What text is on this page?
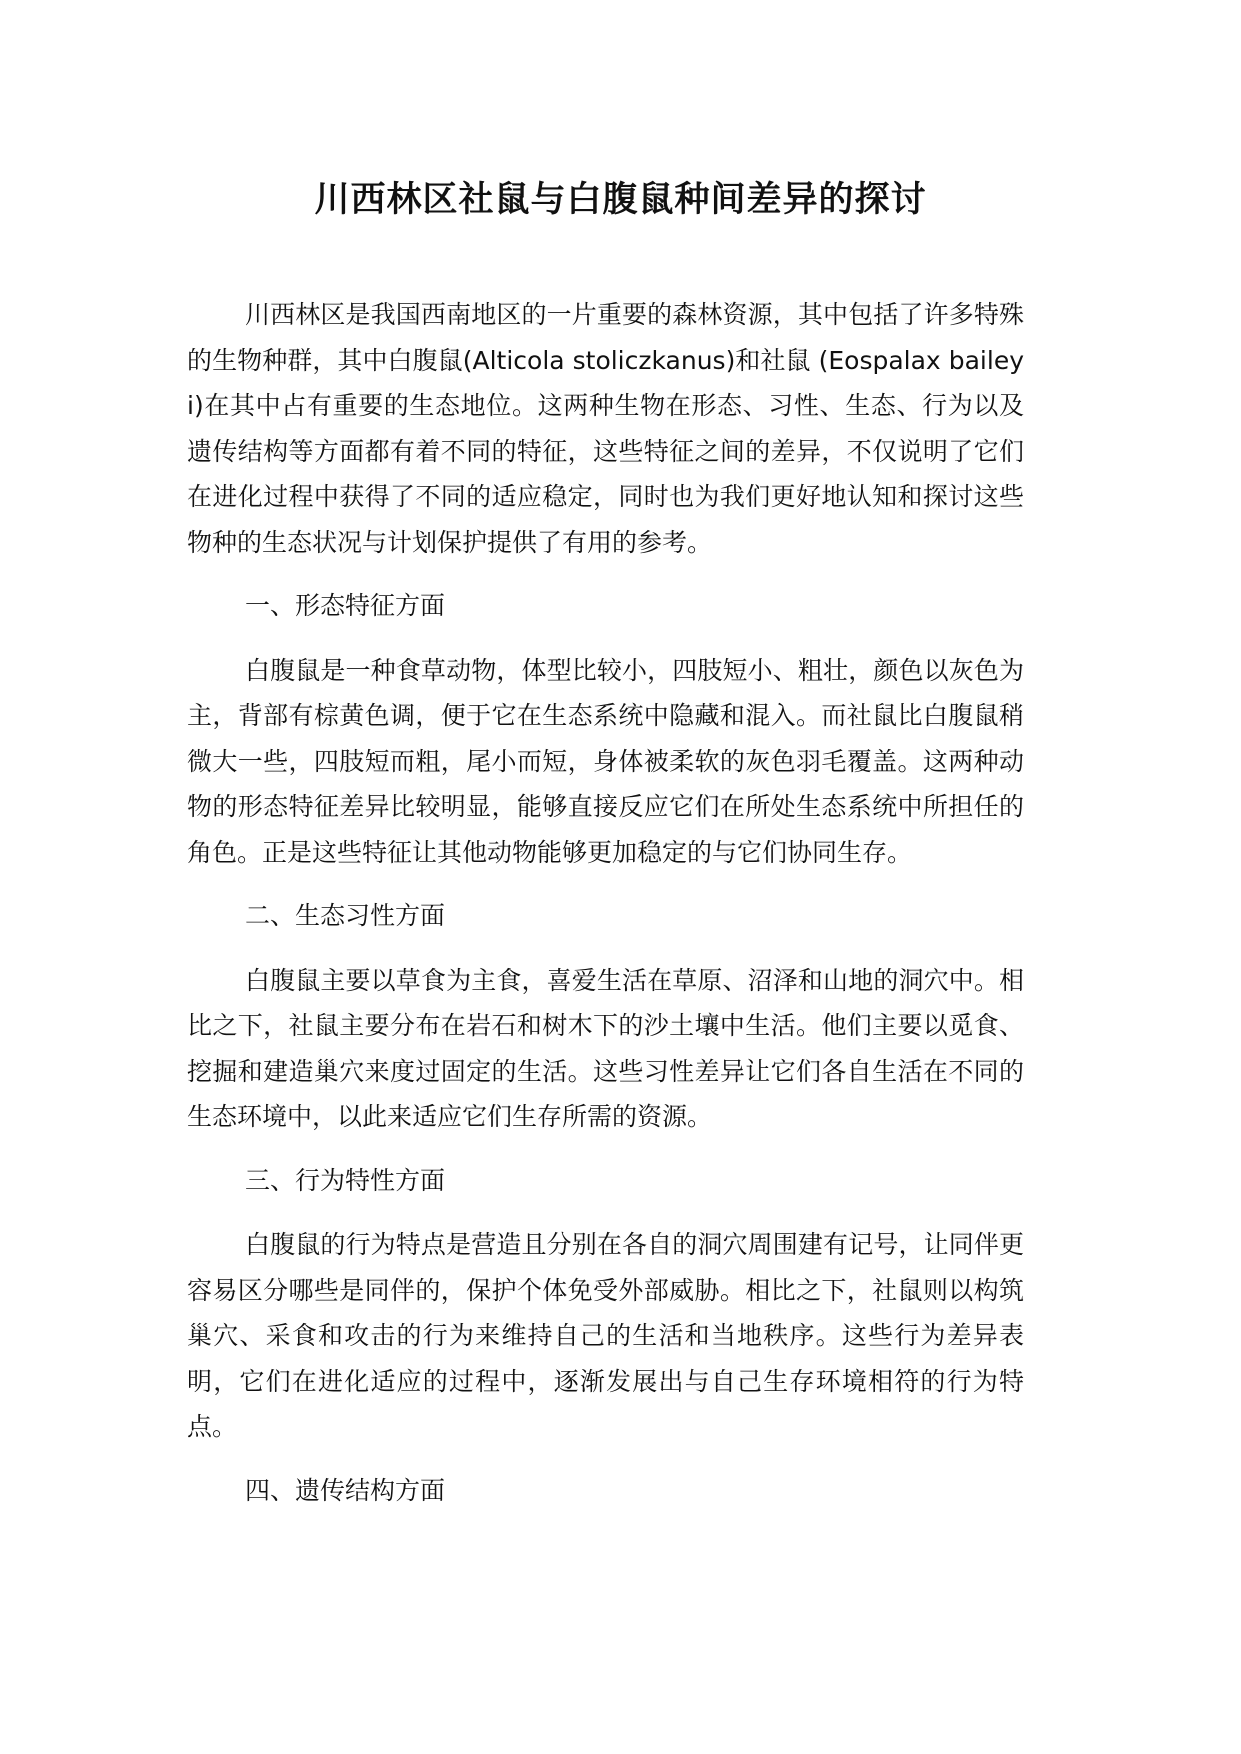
川西林区社鼠与白腹鼠种间差异的探讨

川西林区是我国西南地区的一片重要的森林资源，其中包括了许多特殊的生物种群，其中白腹鼠(Alticola stoliczkanus)和社鼠 (Eospalax baileyi)在其中占有重要的生态地位。这两种生物在形态、习性、生态、行为以及遗传结构等方面都有着不同的特征，这些特征之间的差异，不仅说明了它们在进化过程中获得了不同的适应稳定，同时也为我们更好地认知和探讨这些物种的生态状况与计划保护提供了有用的参考。

一、形态特征方面

白腹鼠是一种食草动物，体型比较小，四肢短小、粗壮，颜色以灰色为主，背部有棕黄色调，便于它在生态系统中隐藏和混入。而社鼠比白腹鼠稍微大一些，四肢短而粗，尾小而短，身体被柔软的灰色羽毛覆盖。这两种动物的形态特征差异比较明显，能够直接反应它们在所处生态系统中所担任的角色。正是这些特征让其他动物能够更加稳定的与它们协同生存。

二、生态习性方面

白腹鼠主要以草食为主食，喜爱生活在草原、沼泽和山地的洞穴中。相比之下，社鼠主要分布在岩石和树木下的沙土壤中生活。他们主要以觅食、挖掘和建造巢穴来度过固定的生活。这些习性差异让它们各自生活在不同的生态环境中，以此来适应它们生存所需的资源。

三、行为特性方面

白腹鼠的行为特点是营造且分别在各自的洞穴周围建有记号，让同伴更容易区分哪些是同伴的，保护个体免受外部威胁。相比之下，社鼠则以构筑巢穴、采食和攻击的行为来维持自己的生活和当地秩序。这些行为差异表明，它们在进化适应的过程中，逐渐发展出与自己生存环境相符的行为特点。

四、遗传结构方面
